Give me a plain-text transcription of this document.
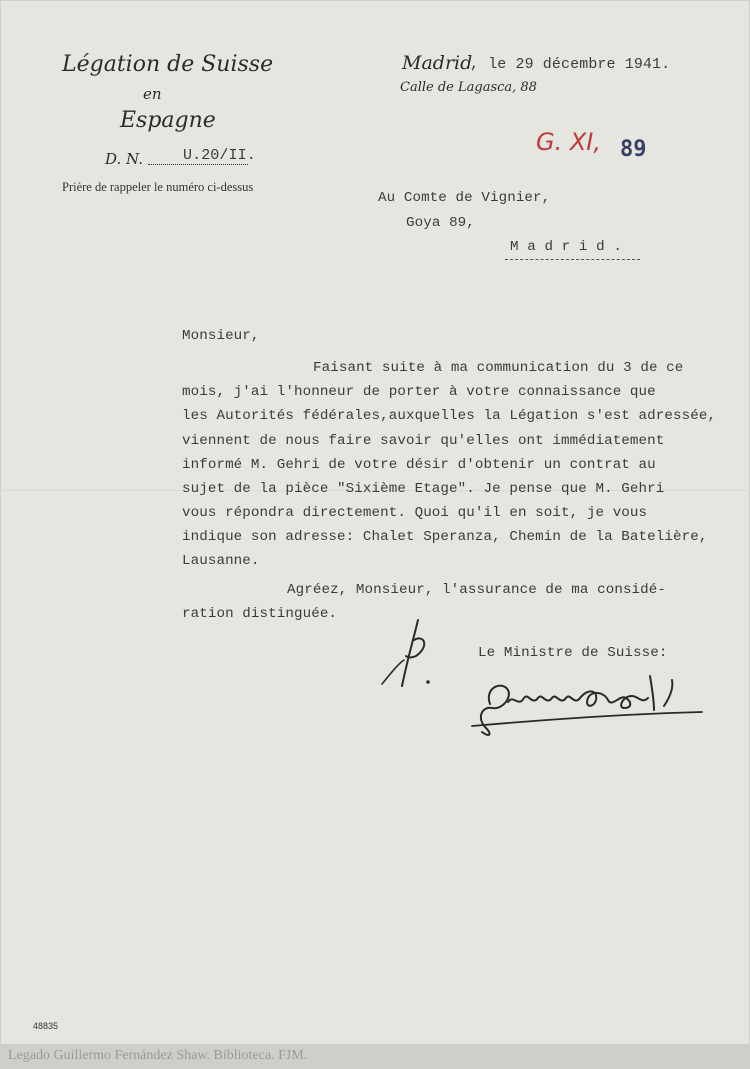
Légation de Suisse
en
Espagne
D. N.	U.20/II.
Prière de rappeler le numéro ci-dessus
Madrid
, le 29 décembre 1941.
Calle de Lagasca, 88
G. XI, 89
Au Comte de Vignier,
Goya 89,
M a d r i d .
Monsieur,
Faisant suite à ma communication du 3 de ce
mois, j'ai l'honneur de porter à votre connaissance que
les Autorités fédérales,auxquelles la Légation s'est adressée,
viennent de nous faire savoir qu'elles ont immédiatement
informé M. Gehri de votre désir d'obtenir un contrat au
sujet de la pièce "Sixième Etage". Je pense que M. Gehri
vous répondra directement. Quoi qu'il en soit, je vous
indique son adresse: Chalet Speranza, Chemin de la Batelière,
Lausanne.
Agréez, Monsieur, l'assurance de ma considé-
ration distinguée.
Le Ministre de Suisse:
48835
Legado Guillermo Fernández Shaw. Biblioteca. FJM.
